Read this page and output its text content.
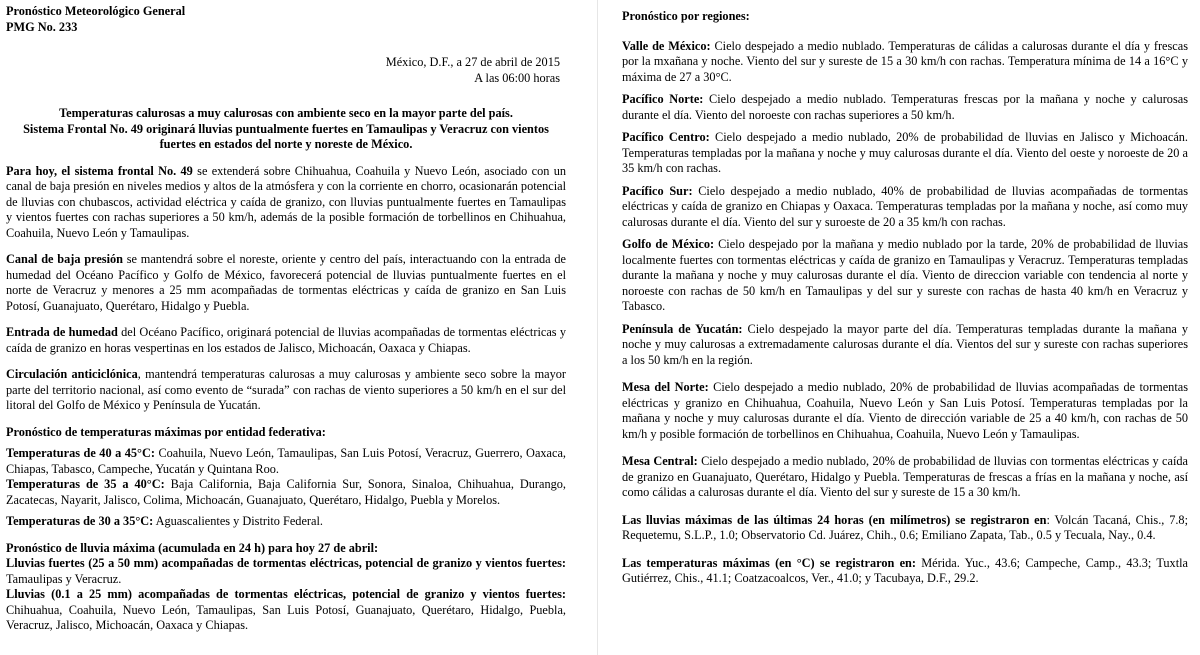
Pronóstico Meteorológico General
PMG No. 233
México, D.F., a 27 de abril de 2015
A las 06:00 horas
Temperaturas calurosas a muy calurosas con ambiente seco en la mayor parte del país.
Sistema Frontal No. 49 originará lluvias puntualmente fuertes en Tamaulipas y Veracruz con vientos fuertes en estados del norte y noreste de México.

Para hoy, el sistema frontal No. 49 se extenderá sobre Chihuahua, Coahuila y Nuevo León, asociado con un canal de baja presión en niveles medios y altos de la atmósfera y con la corriente en chorro, ocasionarán potencial de lluvias con chubascos, actividad eléctrica y caída de granizo, con lluvias puntualmente fuertes en Tamaulipas y vientos fuertes con rachas superiores a 50 km/h, además de la posible formación de torbellinos en Chihuahua, Coahuila, Nuevo León y Tamaulipas.

Canal de baja presión se mantendrá sobre el noreste, oriente y centro del país, interactuando con la entrada de humedad del Océano Pacífico y Golfo de México, favorecerá potencial de lluvias puntualmente fuertes en el norte de Veracruz y menores a 25 mm acompañadas de tormentas eléctricas y caída de granizo en San Luis Potosí, Guanajuato, Querétaro, Hidalgo y Puebla.

Entrada de humedad del Océano Pacífico, originará potencial de lluvias acompañadas de tormentas eléctricas y caída de granizo en horas vespertinas en los estados de Jalisco, Michoacán, Oaxaca y Chiapas.

Circulación anticiclónica, mantendrá temperaturas calurosas a muy calurosas y ambiente seco sobre la mayor parte del territorio nacional, así como evento de “surada” con rachas de viento superiores a 50 km/h en el sur del litoral del Golfo de México y Península de Yucatán.

Pronóstico de temperaturas máximas por entidad federativa:

Temperaturas de 40 a 45°C: Coahuila, Nuevo León, Tamaulipas, San Luis Potosí, Veracruz, Guerrero, Oaxaca, Chiapas, Tabasco, Campeche, Yucatán y Quintana Roo.

Temperaturas de 35 a 40°C: Baja California, Baja California Sur, Sonora, Sinaloa, Chihuahua, Durango, Zacatecas, Nayarit, Jalisco, Colima, Michoacán, Guanajuato, Querétaro, Hidalgo, Puebla y Morelos.

Temperaturas de 30 a 35°C: Aguascalientes y Distrito Federal.

Pronóstico de lluvia máxima (acumulada en 24 h) para hoy 27 de abril:

Lluvias fuertes (25 a 50 mm) acompañadas de tormentas eléctricas, potencial de granizo y vientos fuertes: Tamaulipas y Veracruz.

Lluvias (0.1 a 25 mm) acompañadas de tormentas eléctricas, potencial de granizo y vientos fuertes: Chihuahua, Coahuila, Nuevo León, Tamaulipas, San Luis Potosí, Guanajuato, Querétaro, Hidalgo, Puebla, Veracruz, Jalisco, Michoacán, Oaxaca y Chiapas.

Pronóstico por regiones:

Valle de México: Cielo despejado a medio nublado. Temperaturas de cálidas a calurosas durante el día y frescas por la mxañana y noche. Viento del sur y sureste de 15 a 30 km/h con rachas. Temperatura mínima de 14 a 16°C y máxima de 27 a 30°C.

Pacífico Norte: Cielo despejado a medio nublado. Temperaturas frescas por la mañana y noche y calurosas durante el día. Viento del noroeste con rachas superiores a 50 km/h.

Pacífico Centro: Cielo despejado a medio nublado, 20% de probabilidad de lluvias en Jalisco y Michoacán. Temperaturas templadas por la mañana y noche y muy calurosas durante el día. Viento del oeste y noroeste de 20 a 35 km/h con rachas.

Pacífico Sur: Cielo despejado a medio nublado, 40% de probabilidad de lluvias acompañadas de tormentas eléctricas y caída de granizo en Chiapas y Oaxaca. Temperaturas templadas por la mañana y noche, así como muy calurosas durante el día. Viento del sur y suroeste de 20 a 35 km/h con rachas.

Golfo de México: Cielo despejado por la mañana y medio nublado por la tarde, 20% de probabilidad de lluvias localmente fuertes con tormentas eléctricas y caída de granizo en Tamaulipas y Veracruz. Temperaturas templadas durante la mañana y noche y muy calurosas durante el día. Viento de direccion variable con tendencia al norte y noroeste con rachas de 50 km/h en Tamaulipas y del sur y sureste con rachas de hasta 40 km/h en Veracruz y Tabasco.

Península de Yucatán: Cielo despejado la mayor parte del día. Temperaturas templadas durante la mañana y noche y muy calurosas a extremadamente calurosas durante el día. Vientos del sur y sureste con rachas superiores a los 50 km/h en la región.

Mesa del Norte: Cielo despejado a medio nublado, 20% de probabilidad de lluvias acompañadas de tormentas eléctricas y granizo en Chihuahua, Coahuila, Nuevo León y San Luis Potosí. Temperaturas templadas por la mañana y noche y muy calurosas durante el día. Viento de dirección variable de 25 a 40 km/h, con rachas de 50 km/h y posible formación de torbellinos en Chihuahua, Coahuila, Nuevo León y Tamaulipas.

Mesa Central: Cielo despejado a medio nublado, 20% de probabilidad de lluvias con tormentas eléctricas y caída de granizo en Guanajuato, Querétaro, Hidalgo y Puebla. Temperaturas de frescas a frías en la mañana y noche, así como cálidas a calurosas durante el día. Viento del sur y sureste de 15 a 30 km/h.

Las lluvias máximas de las últimas 24 horas (en milímetros) se registraron en: Volcán Tacaná, Chis., 7.8; Requetemu, S.L.P., 1.0; Observatorio Cd. Juárez, Chih., 0.6; Emiliano Zapata, Tab., 0.5 y Tecuala, Nay., 0.4.

Las temperaturas máximas (en °C) se registraron en: Mérida. Yuc., 43.6; Campeche, Camp., 43.3; Tuxtla Gutiérrez, Chis., 41.1; Coatzacoalcos, Ver., 41.0; y Tacubaya, D.F., 29.2.
